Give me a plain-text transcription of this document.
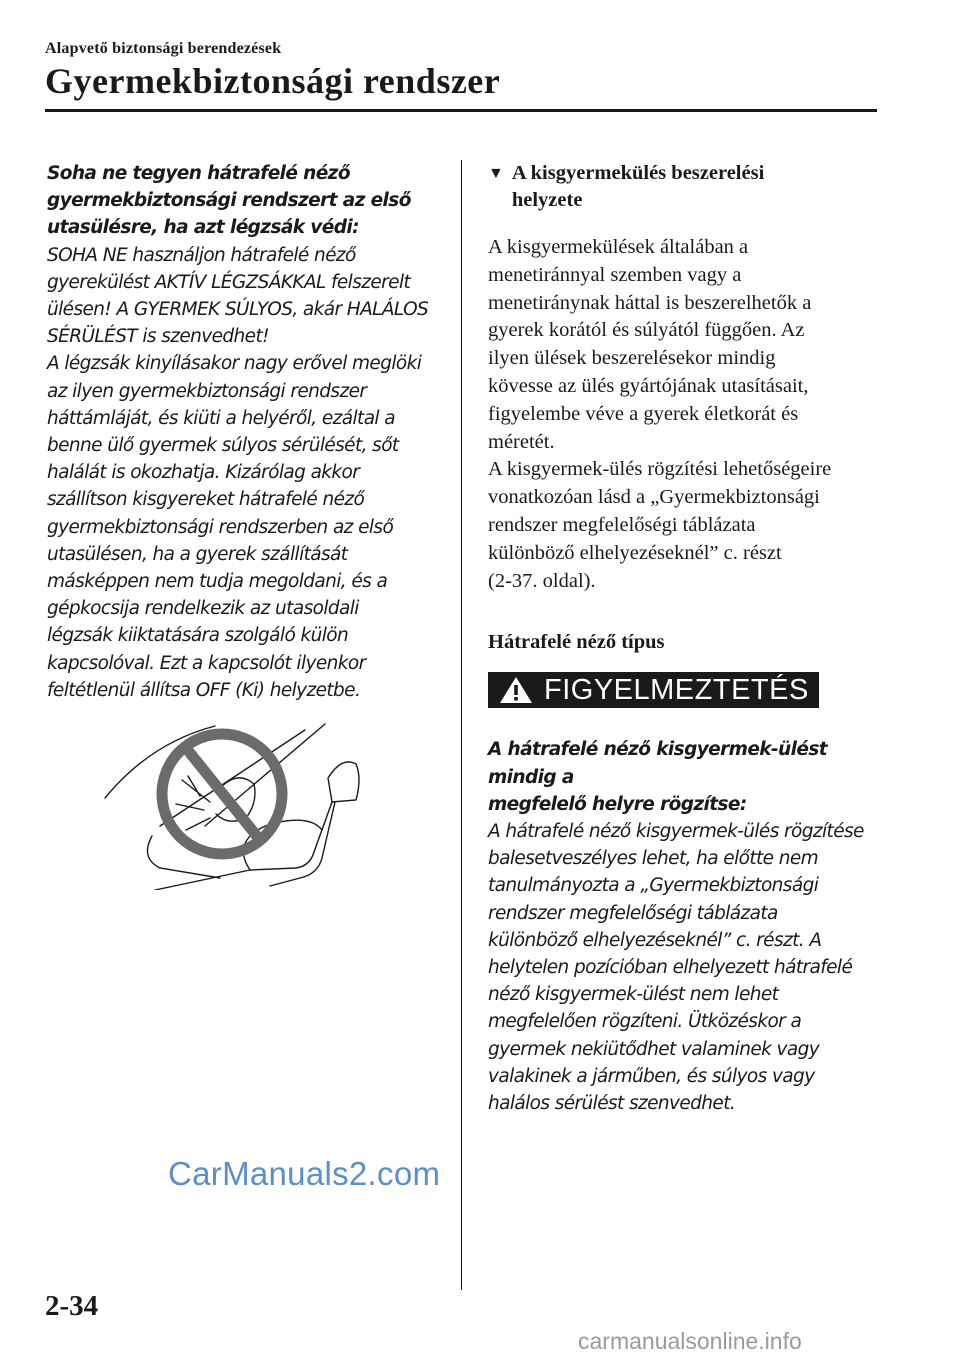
Alapvető biztonsági berendezések
Gyermekbiztonsági rendszer

Soha ne tegyen hátrafelé néző
gyermekbiztonsági rendszert az első
utasülésre, ha azt légzsák védi:

SOHA NE használjon hátrafelé néző
gyerekülést AKTÍV LÉGZSÁKKAL felszerelt
ülésen! A GYERMEK SÚLYOS, akár HALÁLOS
SÉRÜLÉST is szenvedhet!
A légzsák kinyílásakor nagy erővel meglöki
az ilyen gyermekbiztonsági rendszer
háttámláját, és kiüti a helyéről, ezáltal a
benne ülő gyermek súlyos sérülését, sőt
halálát is okozhatja. Kizárólag akkor
szállítson kisgyereket hátrafelé néző
gyermekbiztonsági rendszerben az első
utasülésen, ha a gyerek szállítását
másképpen nem tudja megoldani, és a
gépkocsija rendelkezik az utasoldali
légzsák kiiktatására szolgáló külön
kapcsolóval. Ezt a kapcsolót ilyenkor
feltétlenül állítsa OFF (Ki) helyzetbe.

▼ A kisgyermekülés beszerelési
helyzete

A kisgyermekülések általában a
menetiránnyal szemben vagy a
menetiránynak háttal is beszerelhetők a
gyerek korától és súlyától függően. Az
ilyen ülések beszerelésekor mindig
kövesse az ülés gyártójának utasításait,
figyelembe véve a gyerek életkorát és
méretét.
A kisgyermek-ülés rögzítési lehetőségeire
vonatkozóan lásd a „Gyermekbiztonsági
rendszer megfelelőségi táblázata
különböző elhelyezéseknél” c. részt
(2-37. oldal).

Hátrafelé néző típus

FIGYELMEZTETÉS

A hátrafelé néző kisgyermek-ülést mindig a
megfelelő helyre rögzítse:

A hátrafelé néző kisgyermek-ülés rögzítése
balesetveszélyes lehet, ha előtte nem
tanulmányozta a „Gyermekbiztonsági
rendszer megfelelőségi táblázata
különböző elhelyezéseknél” c. részt. A
helytelen pozícióban elhelyezett hátrafelé
néző kisgyermek-ülést nem lehet
megfelelően rögzíteni. Ütközéskor a
gyermek nekiütődhet valaminek vagy
valakinek a járműben, és súlyos vagy
halálos sérülést szenvedhet.

CarManuals2.com
2-34
carmanualsonline.info
